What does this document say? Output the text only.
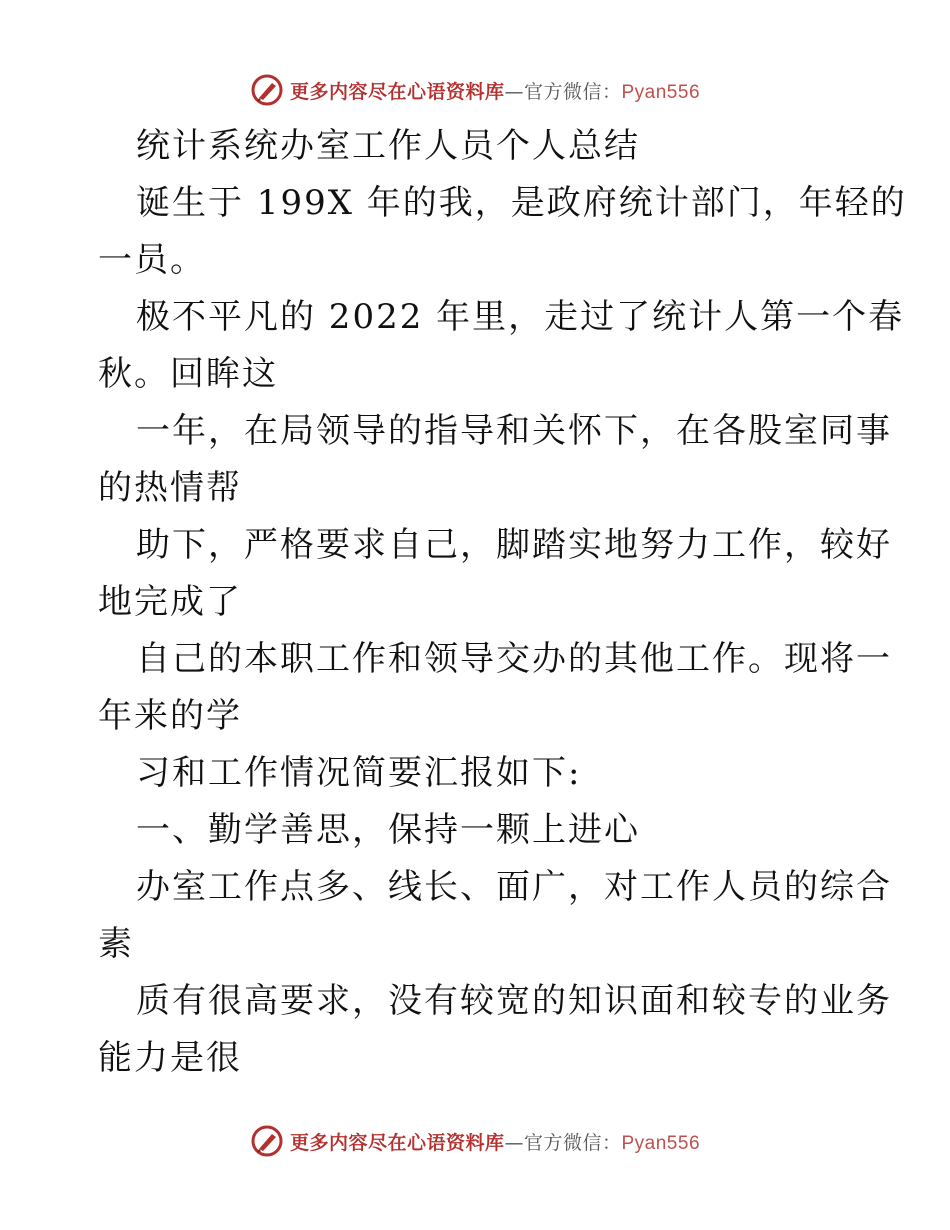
更多内容尽在心语资料库—官方微信：Pyan556
统计系统办室工作人员个人总结
诞生于 199X 年的我，是政府统计部门，年轻的
一员。
极不平凡的 2022 年里，走过了统计人第一个春
秋。回眸这
一年，在局领导的指导和关怀下，在各股室同事
的热情帮
助下，严格要求自己，脚踏实地努力工作，较好
地完成了
自己的本职工作和领导交办的其他工作。现将一
年来的学
习和工作情况简要汇报如下:
一、勤学善思，保持一颗上进心
办室工作点多、线长、面广，对工作人员的综合
素
质有很高要求，没有较宽的知识面和较专的业务
能力是很
更多内容尽在心语资料库—官方微信：Pyan556
